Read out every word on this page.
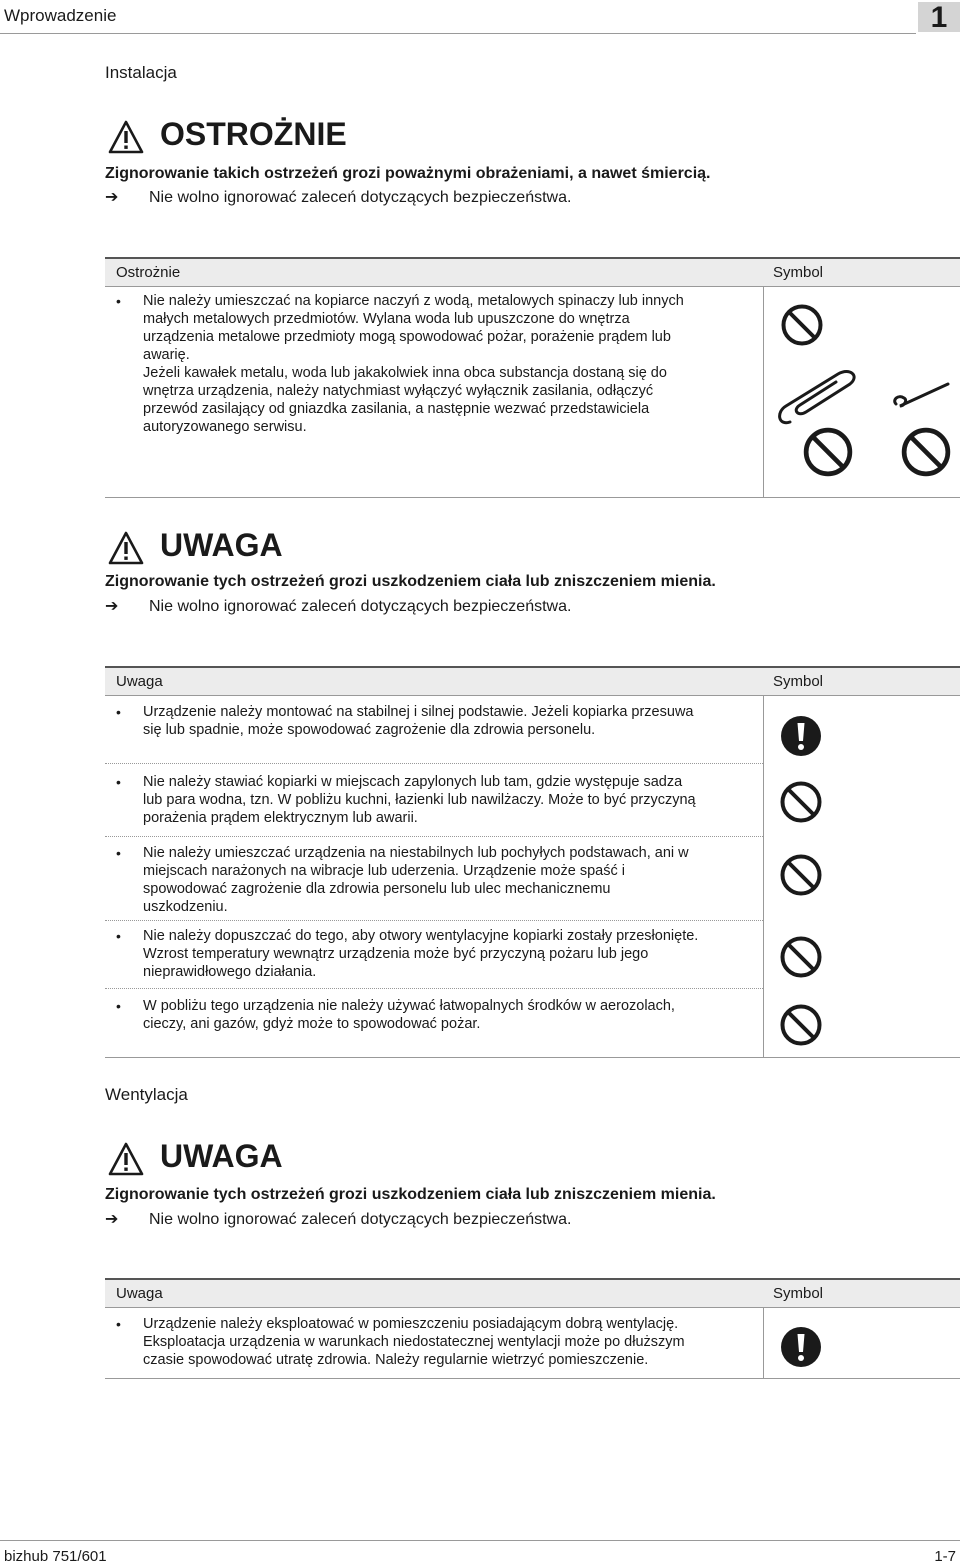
Wprowadzenie	1
Instalacja
OSTROŻNIE
Zignorowanie takich ostrzeżeń grozi poważnymi obrażeniami, a nawet śmiercią.
➔ Nie wolno ignorować zaleceń dotyczących bezpieczeństwa.
Ostrożnie	Symbol
• Nie należy umieszczać na kopiarce naczyń z wodą, metalowych spinaczy lub innych
małych metalowych przedmiotów. Wylana woda lub upuszczone do wnętrza
urządzenia metalowe przedmioty mogą spowodować pożar, porażenie prądem lub
awarię.
Jeżeli kawałek metalu, woda lub jakakolwiek inna obca substancja dostaną się do
wnętrza urządzenia, należy natychmiast wyłączyć wyłącznik zasilania, odłączyć
przewód zasilający od gniazdka zasilania, a następnie wezwać przedstawiciela
autoryzowanego serwisu.
UWAGA
Zignorowanie tych ostrzeżeń grozi uszkodzeniem ciała lub zniszczeniem mienia.
➔ Nie wolno ignorować zaleceń dotyczących bezpieczeństwa.
Uwaga	Symbol
• Urządzenie należy montować na stabilnej i silnej podstawie. Jeżeli kopiarka przesuwa
się lub spadnie, może spowodować zagrożenie dla zdrowia personelu.
• Nie należy stawiać kopiarki w miejscach zapylonych lub tam, gdzie występuje sadza
lub para wodna, tzn. W pobliżu kuchni, łazienki lub nawilżaczy. Może to być przyczyną
porażenia prądem elektrycznym lub awarii.
• Nie należy umieszczać urządzenia na niestabilnych lub pochyłych podstawach, ani w
miejscach narażonych na wibracje lub uderzenia. Urządzenie może spaść i
spowodować zagrożenie dla zdrowia personelu lub ulec mechanicznemu
uszkodzeniu.
• Nie należy dopuszczać do tego, aby otwory wentylacyjne kopiarki zostały przesłonięte.
Wzrost temperatury wewnątrz urządzenia może być przyczyną pożaru lub jego
nieprawidłowego działania.
• W pobliżu tego urządzenia nie należy używać łatwopalnych środków w aerozolach,
cieczy, ani gazów, gdyż może to spowodować pożar.
Wentylacja
UWAGA
Zignorowanie tych ostrzeżeń grozi uszkodzeniem ciała lub zniszczeniem mienia.
➔ Nie wolno ignorować zaleceń dotyczących bezpieczeństwa.
Uwaga	Symbol
• Urządzenie należy eksploatować w pomieszczeniu posiadającym dobrą wentylację.
Eksploatacja urządzenia w warunkach niedostatecznej wentylacji może po dłuższym
czasie spowodować utratę zdrowia. Należy regularnie wietrzyć pomieszczenie.
bizhub 751/601	1-7
